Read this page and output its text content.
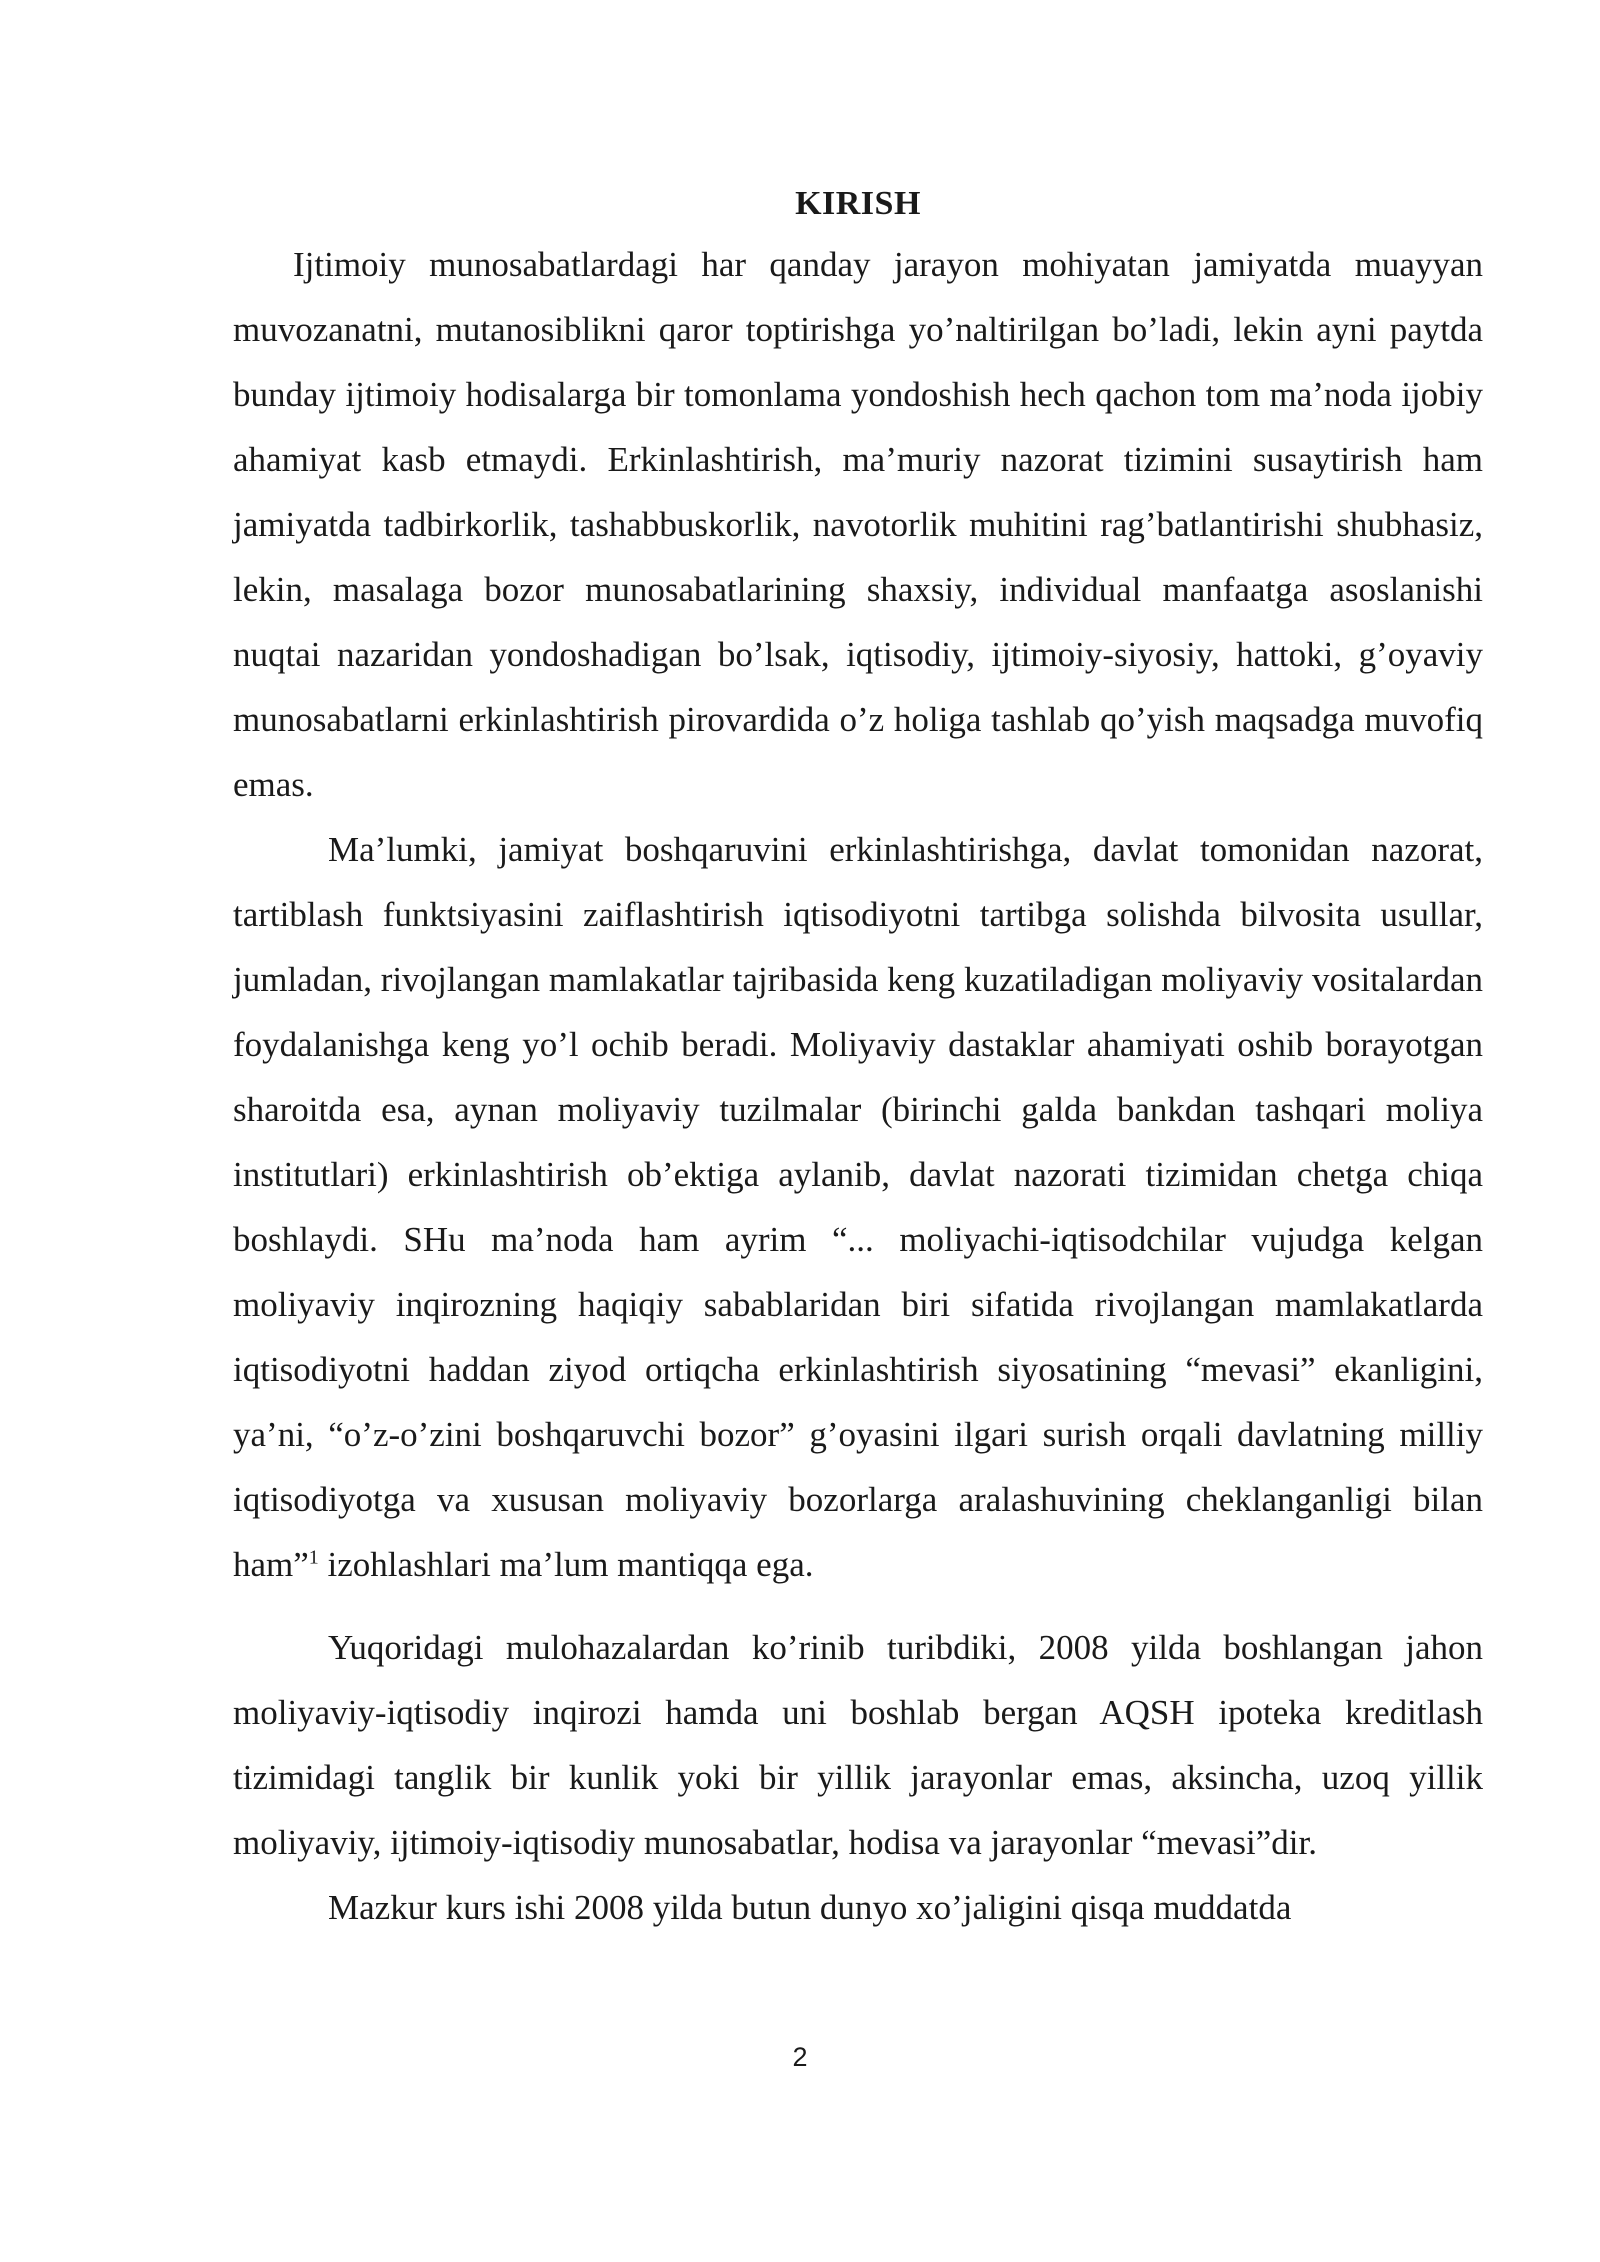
KIRISH

Ijtimoiy munosabatlardagi har qanday jarayon mohiyatan jamiyatda muayyan muvozanatni, mutanosiblikni qaror toptirishga yo’naltirilgan bo’ladi, lekin ayni paytda bunday ijtimoiy hodisalarga bir tomonlama yondoshish hech qachon tom ma’noda ijobiy ahamiyat kasb etmaydi. Erkinlashtirish, ma’muriy nazorat tizimini susaytirish ham jamiyatda tadbirkorlik, tashabbuskorlik, navotorlik muhitini rag’batlantirishi shubhasiz, lekin, masalaga bozor munosabatlarining shaxsiy, individual manfaatga asoslanishi nuqtai nazaridan yondoshadigan bo’lsak, iqtisodiy, ijtimoiy-siyosiy, hattoki, g’oyaviy munosabatlarni erkinlashtirish pirovardida o’z holiga tashlab qo’yish maqsadga muvofiq emas.

Ma’lumki, jamiyat boshqaruvini erkinlashtirishga, davlat tomonidan nazorat, tartiblash funktsiyasini zaiflashtirish iqtisodiyotni tartibga solishda bilvosita usullar, jumladan, rivojlangan mamlakatlar tajribasida keng kuzatiladigan moliyaviy vositalardan foydalanishga keng yo’l ochib beradi. Moliyaviy dastaklar ahamiyati oshib borayotgan sharoitda esa, aynan moliyaviy tuzilmalar (birinchi galda bankdan tashqari moliya institutlari) erkinlashtirish ob’ektiga aylanib, davlat nazorati tizimidan chetga chiqa boshlaydi. SHu ma’noda ham ayrim “... moliyachi-iqtisodchilar vujudga kelgan moliyaviy inqirozning haqiqiy sabablaridan biri sifatida rivojlangan mamlakatlarda iqtisodiyotni haddan ziyod ortiqcha erkinlashtirish siyosatining “mevasi” ekanligini, ya’ni, “o’z-o’zini boshqaruvchi bozor” g’oyasini ilgari surish orqali davlatning milliy iqtisodiyotga va xususan moliyaviy bozorlarga aralashuvining cheklanganligi bilan ham”$^1$ izohlashlari ma’lum mantiqqa ega.

Yuqoridagi mulohazalardan ko’rinib turibdiki, 2008 yilda boshlangan jahon moliyaviy-iqtisodiy inqirozi hamda uni boshlab bergan AQSH ipoteka kreditlash tizimidagi tanglik bir kunlik yoki bir yillik jarayonlar emas, aksincha, uzoq yillik moliyaviy, ijtimoiy-iqtisodiy munosabatlar, hodisa va jarayonlar “mevasi”dir.

Mazkur kurs ishi 2008 yilda butun dunyo xo’jaligini qisqa muddatda

2
